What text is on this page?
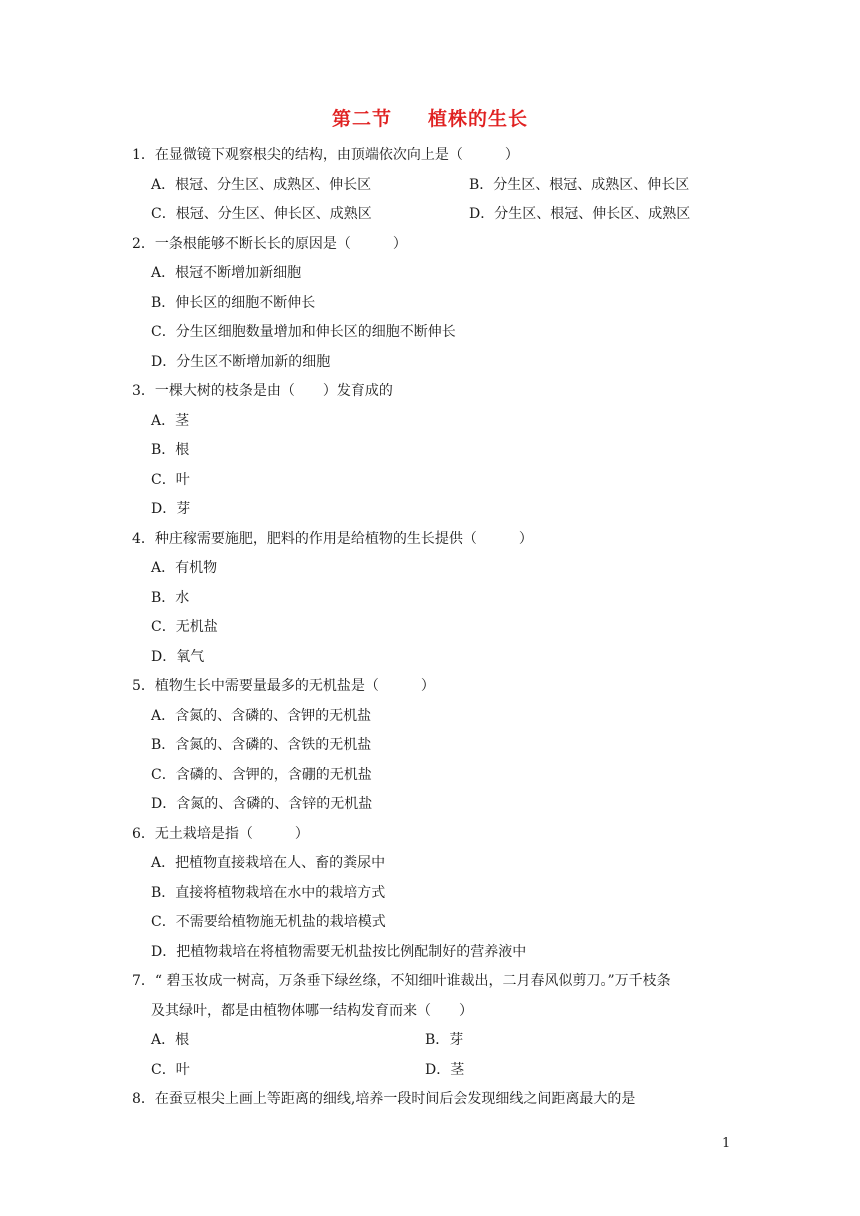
第二节 植株的生长
1．在显微镜下观察根尖的结构，由顶端依次向上是（　　　）
A．根冠、分生区、成熟区、伸长区	B．分生区、根冠、成熟区、伸长区
C．根冠、分生区、伸长区、成熟区	D．分生区、根冠、伸长区、成熟区
2．一条根能够不断长长的原因是（　　　）
A．根冠不断增加新细胞
B．伸长区的细胞不断伸长
C．分生区细胞数量增加和伸长区的细胞不断伸长
D．分生区不断增加新的细胞
3．一棵大树的枝条是由（　　）发育成的
A．茎
B．根
C．叶
D．芽
4．种庄稼需要施肥，肥料的作用是给植物的生长提供（　　　）
A．有机物
B．水
C．无机盐
D．氧气
5．植物生长中需要量最多的无机盐是（　　　）
A．含氮的、含磷的、含钾的无机盐
B．含氮的、含磷的、含铁的无机盐
C．含磷的、含钾的，含硼的无机盐
D．含氮的、含磷的、含锌的无机盐
6．无土栽培是指（　　　）
A．把植物直接栽培在人、畜的粪尿中
B．直接将植物栽培在水中的栽培方式
C．不需要给植物施无机盐的栽培模式
D．把植物栽培在将植物需要无机盐按比例配制好的营养液中
7．“ 碧玉妆成一树高，万条垂下绿丝绦，不知细叶谁裁出，二月春风似剪刀。”万千枝条
及其绿叶，都是由植物体哪一结构发育而来（　　）
A．根	B．芽
C．叶	D．茎
8．在蚕豆根尖上画上等距离的细线,培养一段时间后会发现细线之间距离最大的是
1
